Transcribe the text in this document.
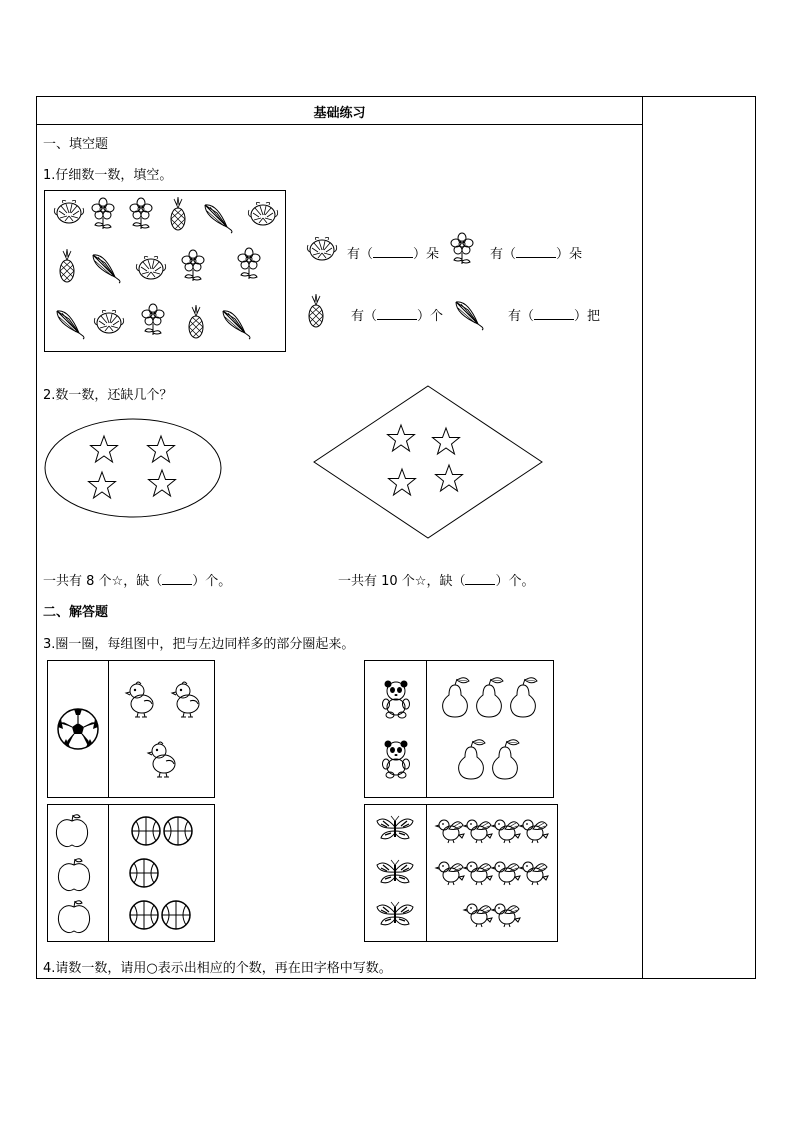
基础练习
一、填空题
1.仔细数一数，填空。
有（	）朵	有（	）朵
有（	）个	有（	）把
2.数一数，还缺几个？
一共有 8 个☆，缺（ ）个。	一共有 10 个☆，缺（ ）个。
二、解答题
3.圈一圈，每组图中，把与左边同样多的部分圈起来。
4.请数一数，请用○表示出相应的个数，再在田字格中写数。
